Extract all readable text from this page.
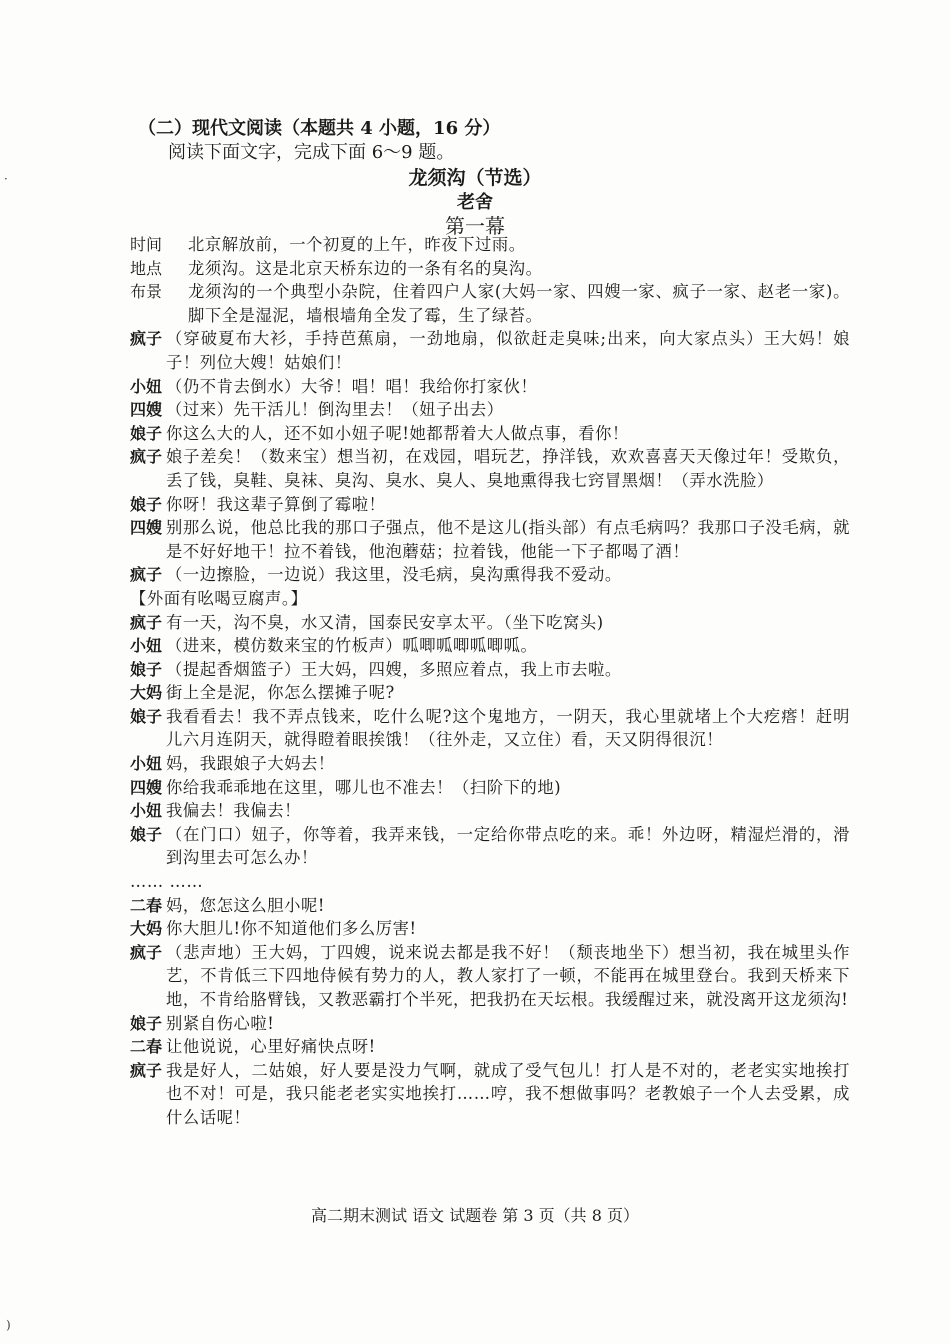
（二）现代文阅读（本题共 4 小题，16 分）
阅读下面文字，完成下面 6～9 题。
龙须沟（节选）
老舍
第一幕
时间	北京解放前，一个初夏的上午，昨夜下过雨。
地点	龙须沟。这是北京天桥东边的一条有名的臭沟。
布景	龙须沟的一个典型小杂院，住着四户人家(大妈一家、四嫂一家、疯子一家、赵老一家)。脚下全是湿泥，墙根墙角全发了霉，生了绿苔。
疯子 （穿破夏布大衫，手持芭蕉扇，一劲地扇，似欲赶走臭味;出来，向大家点头）王大妈！娘子！列位大嫂！姑娘们！
小妞 （仍不肯去倒水）大爷！唱！唱！我给你打家伙！
四嫂 （过来）先干活儿！倒沟里去！（妞子出去）
娘子 你这么大的人，还不如小妞子呢!她都帮着大人做点事，看你！
疯子 娘子差矣！（数来宝）想当初，在戏园，唱玩艺，挣洋钱，欢欢喜喜天天像过年！受欺负，丢了钱，臭鞋、臭袜、臭沟、臭水、臭人、臭地熏得我七窍冒黑烟！（弄水洗脸）
娘子 你呀！我这辈子算倒了霉啦！
四嫂 别那么说，他总比我的那口子强点，他不是这儿(指头部）有点毛病吗？我那口子没毛病，就是不好好地干！拉不着钱，他泡蘑菇；拉着钱，他能一下子都喝了酒！
疯子 （一边擦脸，一边说）我这里，没毛病，臭沟熏得我不爱动。
【外面有吆喝豆腐声。】
疯子 有一天，沟不臭，水又清，国泰民安享太平。（坐下吃窝头)
小妞 （进来，模仿数来宝的竹板声）呱唧呱唧呱唧呱。
娘子 （提起香烟篮子）王大妈，四嫂，多照应着点，我上市去啦。
大妈 街上全是泥，你怎么摆摊子呢?
娘子 我看看去！我不弄点钱来，吃什么呢?这个鬼地方，一阴天，我心里就堵上个大疙瘩！赶明儿六月连阴天，就得瞪着眼挨饿！（往外走，又立住）看，天又阴得很沉！
小妞 妈，我跟娘子大妈去！
四嫂 你给我乖乖地在这里，哪儿也不准去！（扫阶下的地)
小妞 我偏去！我偏去！
娘子 （在门口）妞子，你等着，我弄来钱，一定给你带点吃的来。乖！外边呀，精湿烂滑的，滑到沟里去可怎么办！
…… ……
二春 妈，您怎这么胆小呢!
大妈 你大胆儿!你不知道他们多么厉害!
疯子 （悲声地）王大妈，丁四嫂，说来说去都是我不好！（颓丧地坐下）想当初，我在城里头作艺，不肯低三下四地侍候有势力的人，教人家打了一顿，不能再在城里登台。我到天桥来下地，不肯给胳臂钱，又教恶霸打个半死，把我扔在天坛根。我缓醒过来，就没离开这龙须沟!
娘子 别紧自伤心啦!
二春 让他说说，心里好痛快点呀!
疯子 我是好人，二姑娘，好人要是没力气啊，就成了受气包儿！打人是不对的，老老实实地挨打也不对！可是，我只能老老实实地挨打……哼，我不想做事吗？老教娘子一个人去受累，成什么话呢！
高二期末测试 语文 试题卷 第 3 页（共 8 页）
·
)
